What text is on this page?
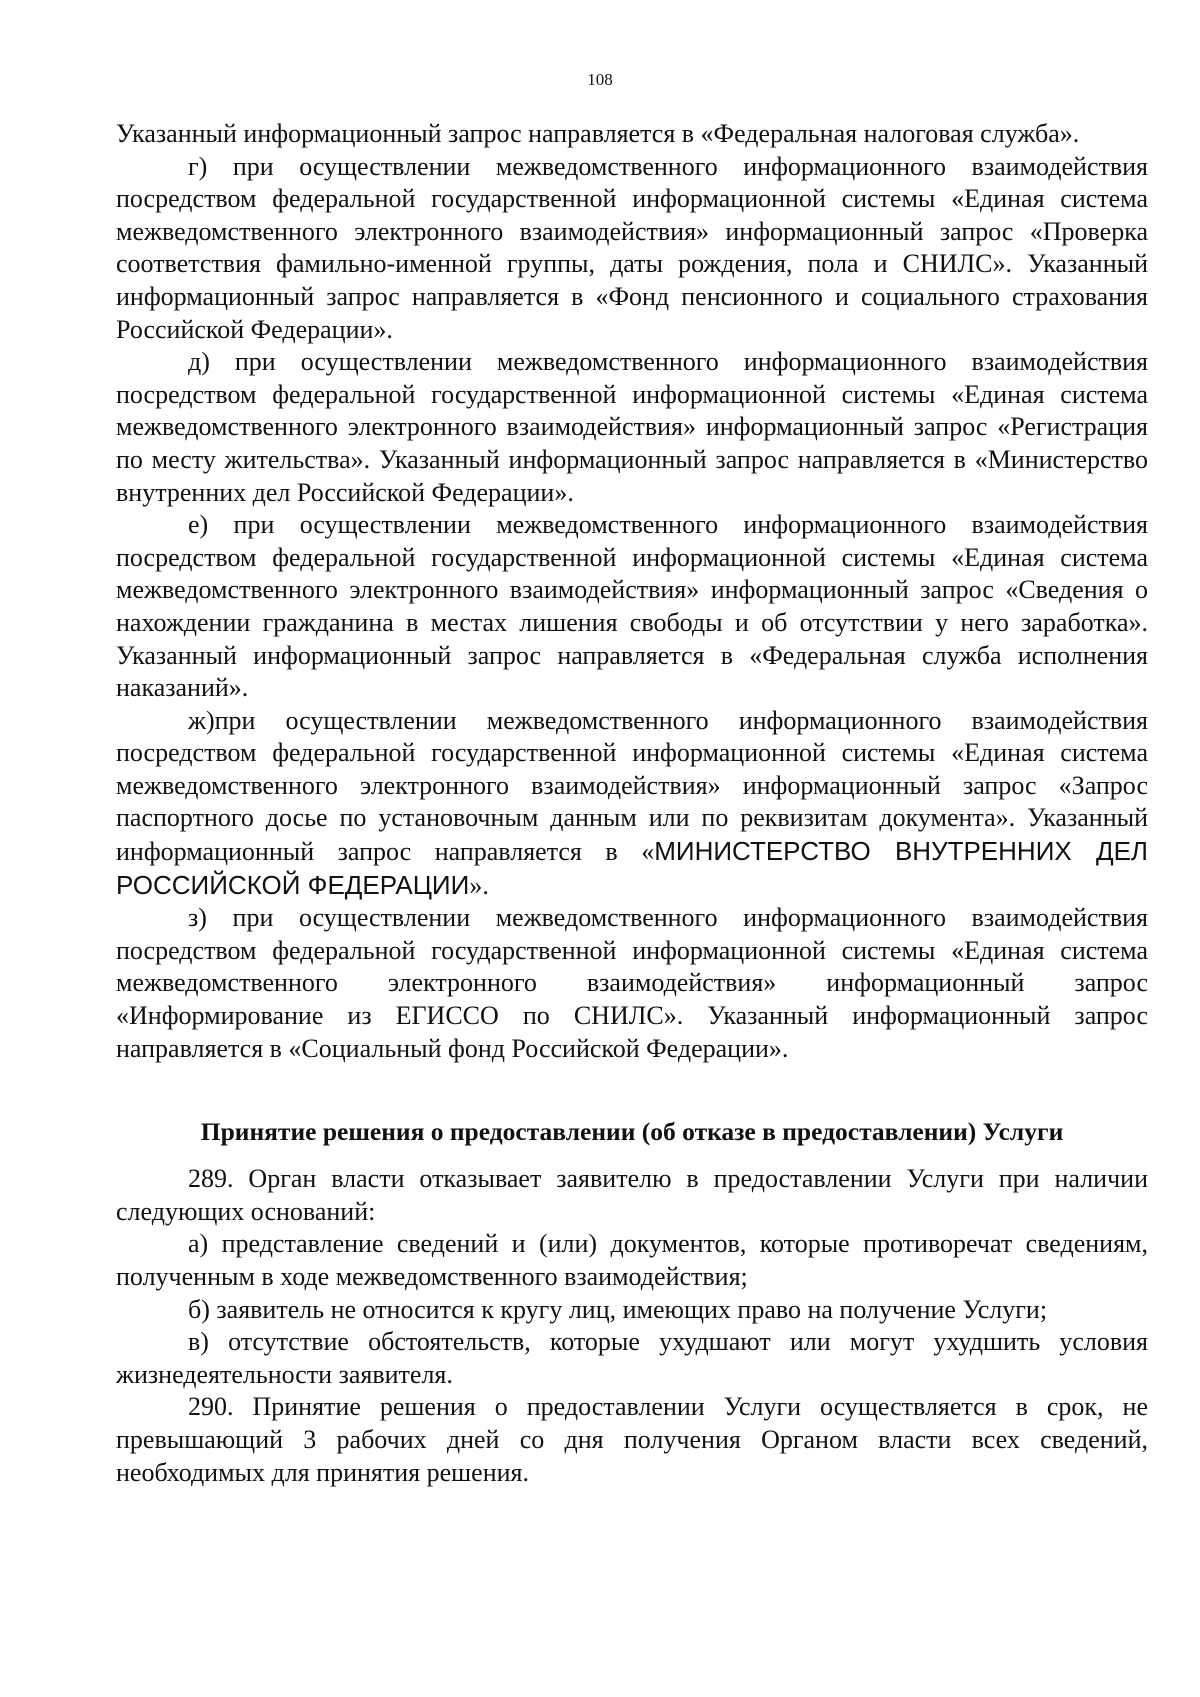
108

Указанный информационный запрос направляется в «Федеральная налоговая служба».

г) при осуществлении межведомственного информационного взаимодействия посредством федеральной государственной информационной системы «Единая система межведомственного электронного взаимодействия» информационный запрос «Проверка соответствия фамильно-именной группы, даты рождения, пола и СНИЛС». Указанный информационный запрос направляется в «Фонд пенсионного и социального страхования Российской Федерации».

д) при осуществлении межведомственного информационного взаимодействия посредством федеральной государственной информационной системы «Единая система межведомственного электронного взаимодействия» информационный запрос «Регистрация по месту жительства». Указанный информационный запрос направляется в «Министерство внутренних дел Российской Федерации».

е) при осуществлении межведомственного информационного взаимодействия посредством федеральной государственной информационной системы «Единая система межведомственного электронного взаимодействия» информационный запрос «Сведения о нахождении гражданина в местах лишения свободы и об отсутствии у него заработка». Указанный информационный запрос направляется в «Федеральная служба исполнения наказаний».

ж)при осуществлении межведомственного информационного взаимодействия посредством федеральной государственной информационной системы «Единая система межведомственного электронного взаимодействия» информационный запрос «Запрос паспортного досье по установочным данным или по реквизитам документа». Указанный информационный запрос направляется в «МИНИСТЕРСТВО ВНУТРЕННИХ ДЕЛ РОССИЙСКОЙ ФЕДЕРАЦИИ».

з) при осуществлении межведомственного информационного взаимодействия посредством федеральной государственной информационной системы «Единая система межведомственного электронного взаимодействия» информационный запрос «Информирование из ЕГИССО по СНИЛС». Указанный информационный запрос направляется в «Социальный фонд Российской Федерации».

Принятие решения о предоставлении (об отказе в предоставлении) Услуги

289. Орган власти отказывает заявителю в предоставлении Услуги при наличии следующих оснований:

а) представление сведений и (или) документов, которые противоречат сведениям, полученным в ходе межведомственного взаимодействия;

б) заявитель не относится к кругу лиц, имеющих право на получение Услуги;

в) отсутствие обстоятельств, которые ухудшают или могут ухудшить условия жизнедеятельности заявителя.

290. Принятие решения о предоставлении Услуги осуществляется в срок, не превышающий 3 рабочих дней со дня получения Органом власти всех сведений, необходимых для принятия решения.
